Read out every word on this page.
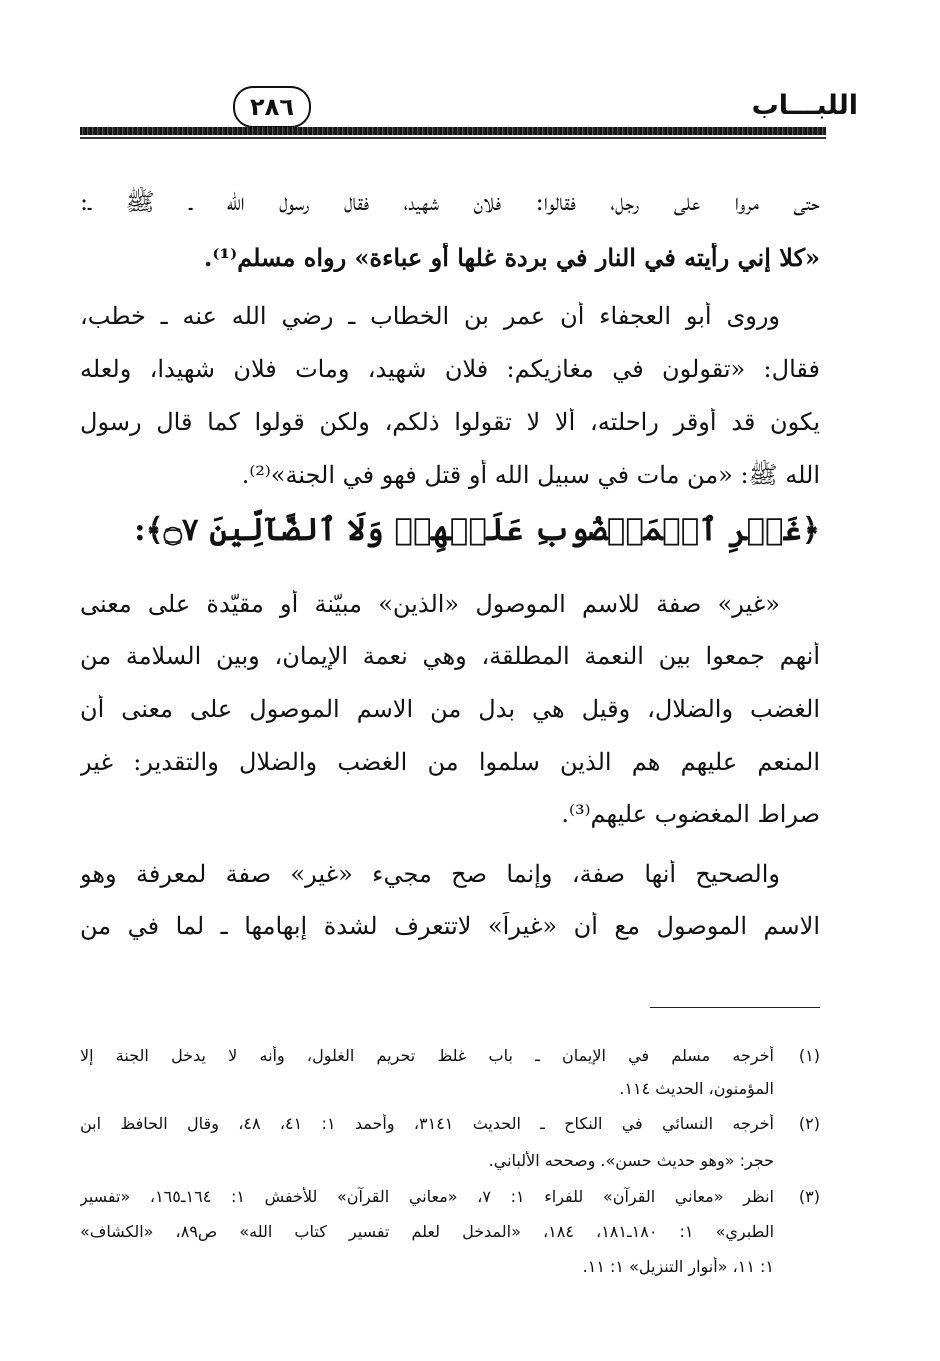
اللبـــاب
٢٨٦
حتى مروا على رجل، فقالوا: فلان شهيد، فقال رسول الله ـ ﷺ ـ:
«كلا إني رأيته في النار في بردة غلها أو عباءة» رواه مسلم⁽¹⁾.
وروى أبو العجفاء أن عمر بن الخطاب ـ رضي الله عنه ـ خطب،
فقال: «تقولون في مغازيكم: فلان شهيد، ومات فلان شهيدا، ولعله
يكون قد أوقر راحلته، ألا لا تقولوا ذلكم، ولكن قولوا كما قال رسول
الله ﷺ: «من مات في سبيل الله أو قتل فهو في الجنة»⁽²⁾.
﴿غَيۡرِ ٱلۡمَغۡضُوبِ عَلَيۡهِمۡ وَلَا ٱلضَّآلِّينَ ۝٧﴾:
«غير» صفة للاسم الموصول «الذين» مبيّنة أو مقيّدة على معنى
أنهم جمعوا بين النعمة المطلقة، وهي نعمة الإيمان، وبين السلامة من
الغضب والضلال، وقيل هي بدل من الاسم الموصول على معنى أن
المنعم عليهم هم الذين سلموا من الغضب والضلال والتقدير: غير
صراط المغضوب عليهم⁽³⁾.
والصحيح أنها صفة، وإنما صح مجيء «غير» صفة لمعرفة وهو
الاسم الموصول مع أن «غيراً» لاتتعرف لشدة إبهامها ـ لما في من
(١)
أخرجه مسلم في الإيمان ـ باب غلظ تحريم الغلول، وأنه لا يدخل الجنة إلا
المؤمنون، الحديث ١١٤.
(٢)
أخرجه النسائي في النكاح ـ الحديث ٣١٤١، وأحمد ١: ٤١، ٤٨، وقال الحافظ ابن
حجر: «وهو حديث حسن». وصححه الألباني.
(٣)
انظر «معاني القرآن» للفراء ١: ٧، «معاني القرآن» للأخفش ١: ١٦٤ـ١٦٥، «تفسير
الطبري» ١: ١٨٠ـ١٨١، ١٨٤، «المدخل لعلم تفسير كتاب الله» ص٨٩، «الكشاف»
١: ١١، «أنوار التنزيل» ١: ١١.
